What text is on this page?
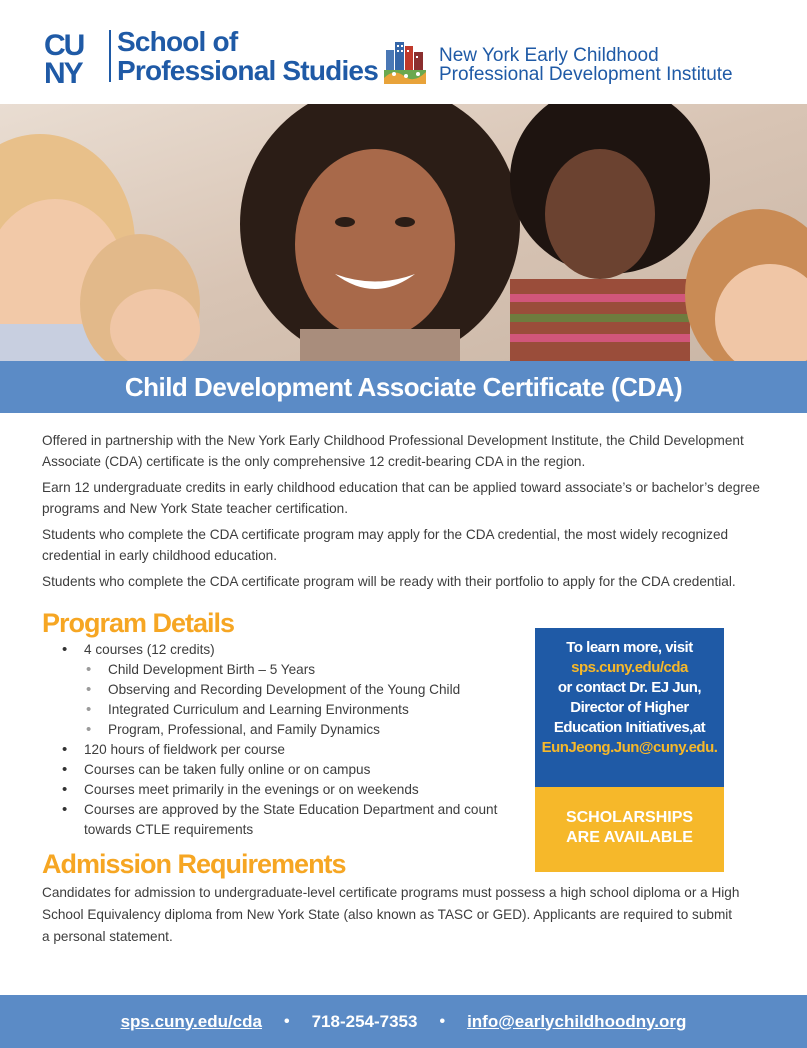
CU
NY
School of
Professional Studies	New York Early Childhood
Professional Development Institute
Child Development Associate Certificate (CDA)

Offered in partnership with the New York Early Childhood Professional Development Institute, the Child Development Associate (CDA) certificate is the only comprehensive 12 credit-bearing CDA in the region.

Earn 12 undergraduate credits in early childhood education that can be applied toward associate’s or bachelor’s degree programs and New York State teacher certification.

Students who complete the CDA certificate program may apply for the CDA credential, the most widely recognized credential in early childhood education.

Students who complete the CDA certificate program will be ready with their portfolio to apply for the CDA credential.

Program Details
• 4 courses (12 credits)
• Child Development Birth – 5 Years
• Observing and Recording Development of the Young Child
• Integrated Curriculum and Learning Environments
• Program, Professional, and Family Dynamics
• 120 hours of fieldwork per course
• Courses can be taken fully online or on campus
• Courses meet primarily in the evenings or on weekends
• Courses are approved by the State Education Department and count towards CTLE requirements
To learn more, visit
sps.cuny.edu/cda
or contact Dr. EJ Jun,
Director of Higher
Education Initiatives,at
EunJeong.Jun@cuny.edu.
SCHOLARSHIPS
ARE AVAILABLE
Admission Requirements

Candidates for admission to undergraduate-level certificate programs must possess a high school diploma or a High School Equivalency diploma from New York State (also known as TASC or GED). Applicants are required to submit a personal statement.

sps.cuny.edu/cda • 718-254-7353 • info@earlychildhoodny.org
